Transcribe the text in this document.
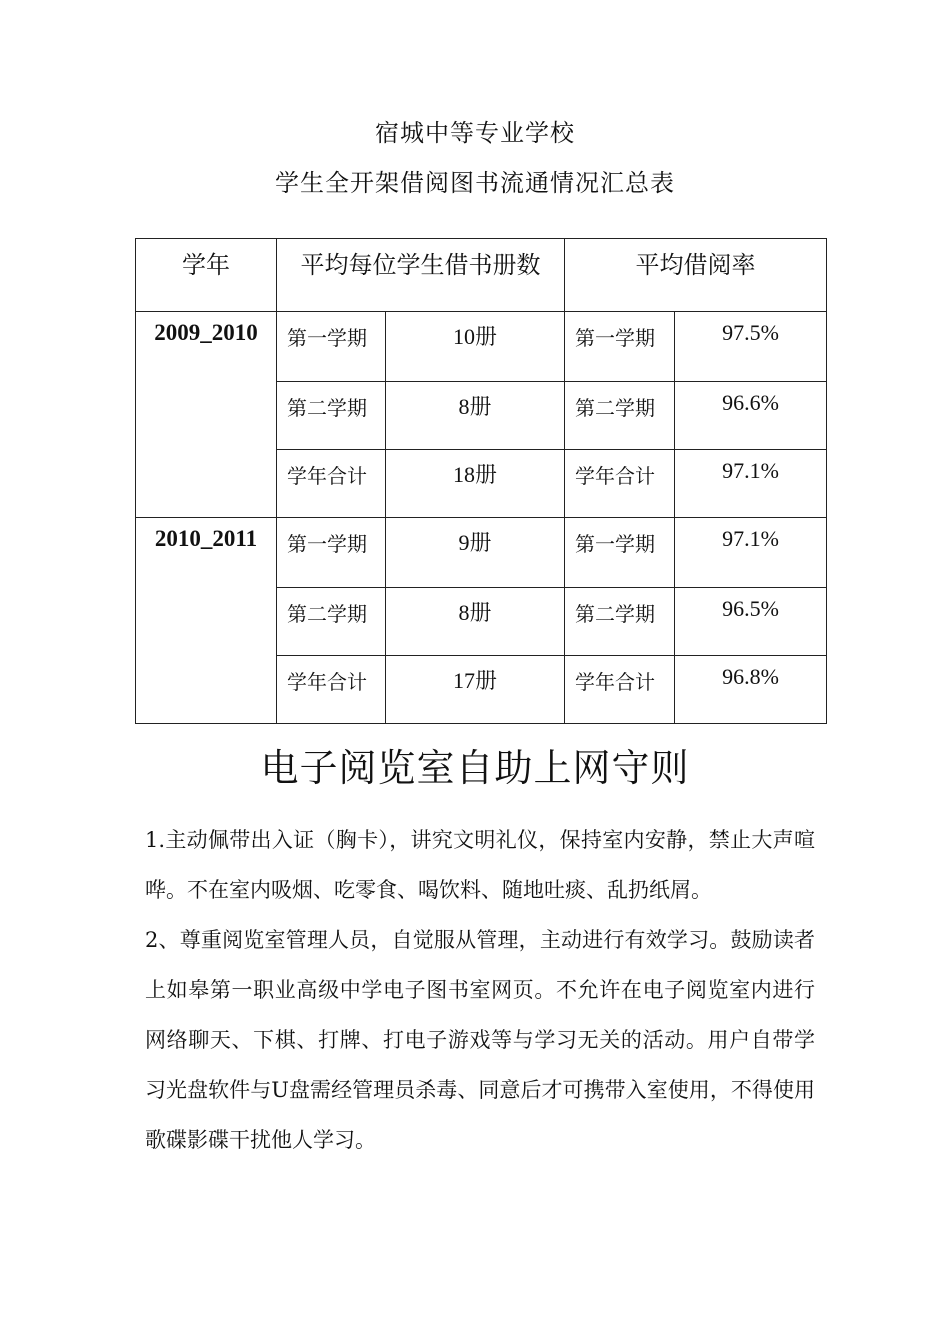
宿城中等专业学校
学生全开架借阅图书流通情况汇总表
学年	平均每位学生借书册数		平均借阅率	
2009_2010	第一学期	10册	第一学期	97.5%
	第二学期	8册	第二学期	96.6%
	学年合计	18册	学年合计	97.1%
2010_2011	第一学期	9册	第一学期	97.1%
	第二学期	8册	第二学期	96.5%
	学年合计	17册	学年合计	96.8%
电子阅览室自助上网守则

1.主动佩带出入证（胸卡），讲究文明礼仪，保持室内安静，禁止大声喧哗。不在室内吸烟、吃零食、喝饮料、随地吐痰、乱扔纸屑。

2、尊重阅览室管理人员，自觉服从管理，主动进行有效学习。鼓励读者上如皋第一职业高级中学电子图书室网页。不允许在电子阅览室内进行网络聊天、下棋、打牌、打电子游戏等与学习无关的活动。用户自带学习光盘软件与U盘需经管理员杀毒、同意后才可携带入室使用，不得使用歌碟影碟干扰他人学习。
